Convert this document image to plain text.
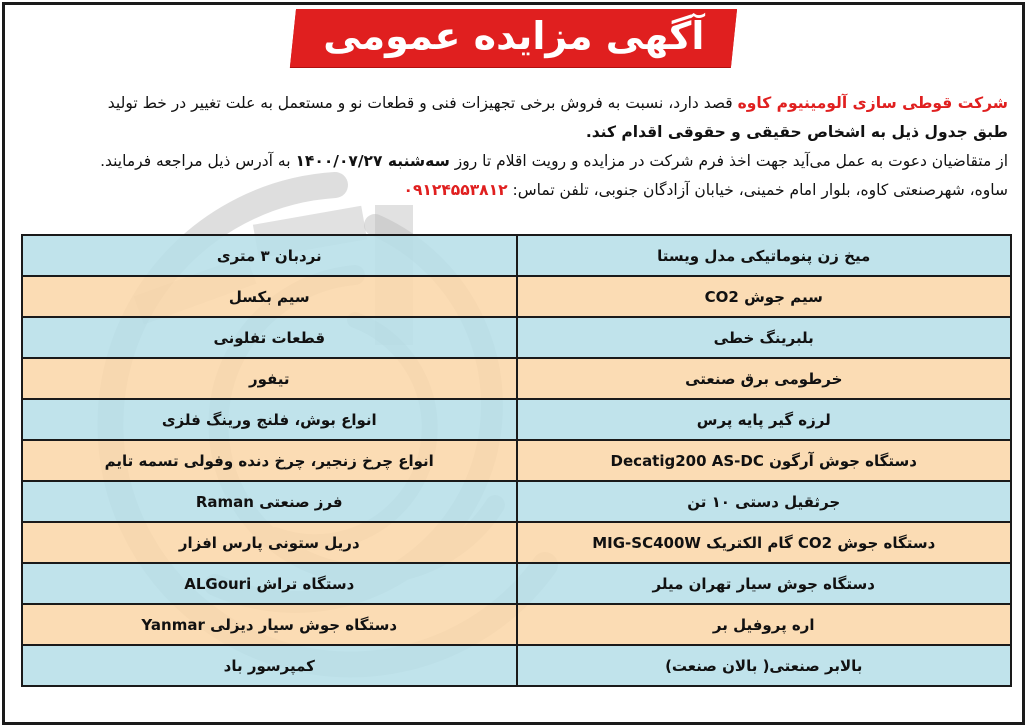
آگهی مزایده عمومی
شرکت قوطی سازی آلومینیوم کاوه قصد دارد، نسبت به فروش برخی تجهیزات فنی و قطعات نو و مستعمل به علت تغییر در خط تولید
طبق جدول ذیل به اشخاص حقیقی و حقوقی اقدام کند.
از متقاضیان دعوت به عمل می‌آید جهت اخذ فرم شرکت در مزایده و رویت اقلام تا روز سه‌شنبه ۱۴۰۰/۰۷/۲۷ به آدرس ذیل مراجعه فرمایند.
ساوه، شهرصنعتی کاوه، بلوار امام خمینی، خیابان آزادگان جنوبی، تلفن تماس: ۰۹۱۲۴۵۵۳۸۱۲
میخ زن پنوماتیکی مدل ویستا	نردبان ۳ متری
سیم جوش CO2	سیم بکسل
بلبرینگ خطی	قطعات تفلونی
خرطومی برق صنعتی	تیفور
لرزه گیر پایه پرس	انواع بوش، فلنج ورینگ فلزی
دستگاه جوش آرگون Decatig200 AS-DC	انواع چرخ زنجیر، چرخ دنده وفولی تسمه تایم
جرثقیل دستی ۱۰ تن	فرز صنعتی Raman
دستگاه جوش CO2 گام الکتریک MIG-SC400W	دریل ستونی پارس افزار
دستگاه جوش سیار تهران میلر	دستگاه تراش ALGouri
اره پروفیل بر	دستگاه جوش سیار دیزلی Yanmar
بالابر صنعتی( بالان صنعت)	کمپرسور باد
